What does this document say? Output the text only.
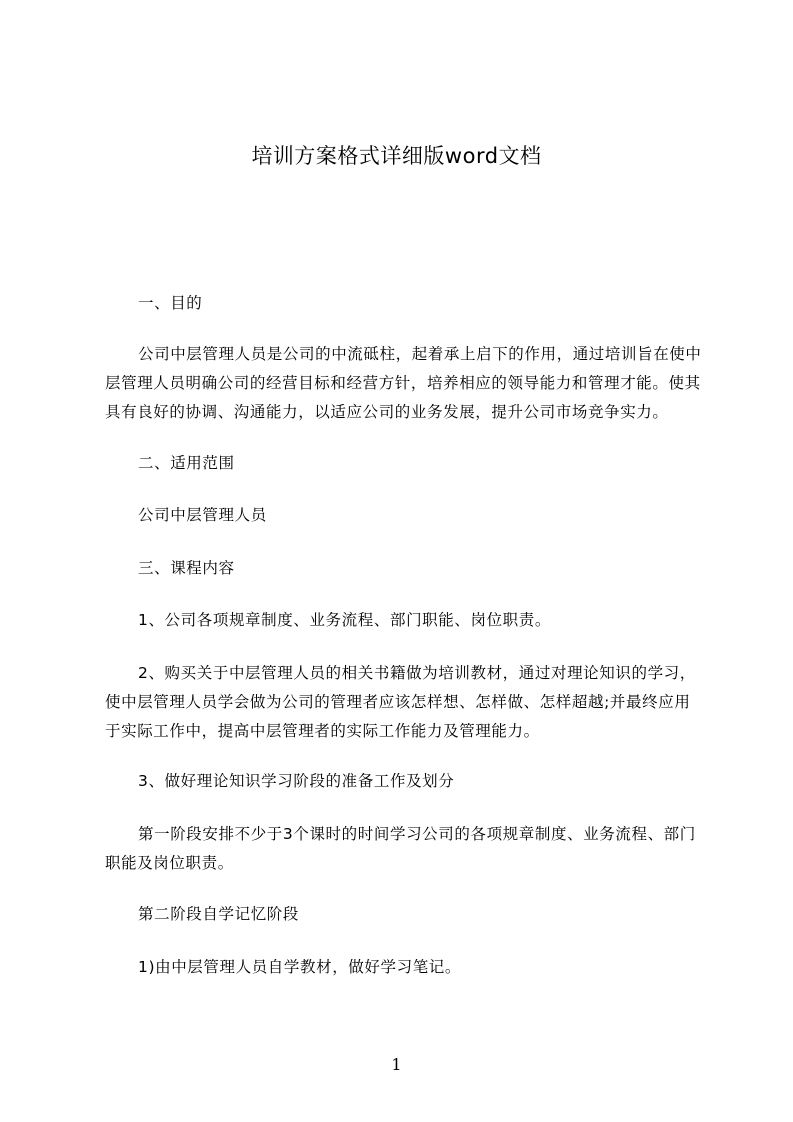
培训方案格式详细版word文档

一、目的

公司中层管理人员是公司的中流砥柱，起着承上启下的作用，通过培训旨在使中层管理人员明确公司的经营目标和经营方针，培养相应的领导能力和管理才能。使其具有良好的协调、沟通能力，以适应公司的业务发展，提升公司市场竞争实力。

二、适用范围

公司中层管理人员

三、课程内容

1、公司各项规章制度、业务流程、部门职能、岗位职责。

2、购买关于中层管理人员的相关书籍做为培训教材，通过对理论知识的学习，使中层管理人员学会做为公司的管理者应该怎样想、怎样做、怎样超越;并最终应用于实际工作中，提高中层管理者的实际工作能力及管理能力。

3、做好理论知识学习阶段的准备工作及划分

第一阶段安排不少于3个课时的时间学习公司的各项规章制度、业务流程、部门职能及岗位职责。

第二阶段自学记忆阶段

1)由中层管理人员自学教材，做好学习笔记。

1
